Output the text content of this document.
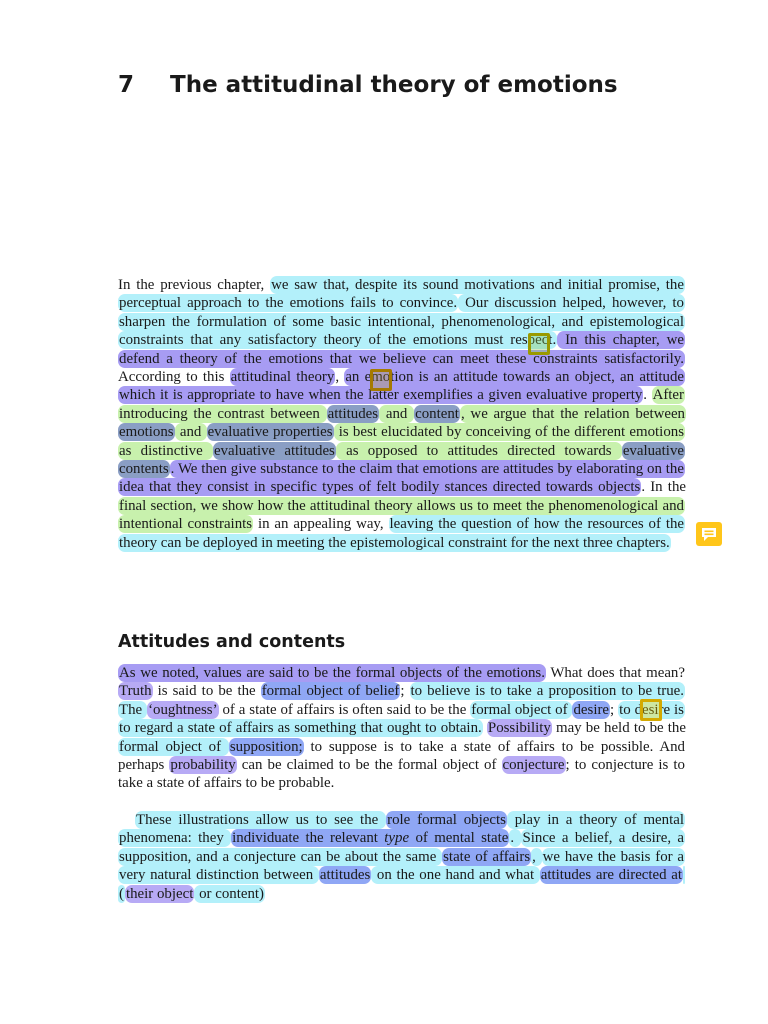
7 The attitudinal theory of emotions

In the previous chapter, we saw that, despite its sound motivations and initial promise, the perceptual approach to the emotions fails to convince. Our discussion helped, however, to sharpen the formulation of some basic intentional, phenomenological, and epistemological constraints that any satisfactory theory of the emotions must respect. In this chapter, we defend a theory of the emotions that we believe can meet these constraints satisfactorily. According to this attitudinal theory, an emotion is an attitude towards an object, an attitude which it is appropriate to have when the latter exemplifies a given evaluative property. After introducing the contrast between attitudes and content , we argue that the relation between emotions and evaluative properties is best elucidated by conceiving of the different emotions as distinctive evaluative attitudes as opposed to attitudes directed towards evaluative contents . We then give substance to the claim that emotions are attitudes by elaborating on the idea that they consist in specific types of felt bodily stances directed towards objects. In the final section, we show how the attitudinal theory allows us to meet the phenomenological and intentional constraints in an appealing way, leaving the question of how the resources of the theory can be deployed in meeting the epistemological constraint for the next three chapters.

Attitudes and contents

As we noted, values are said to be the formal objects of the emotions. What does that mean? Truth is said to be the formal object of belief; to believe is to take a proposition to be true. The ‘oughtness’ of a state of affairs is often said to be the formal object of desire; to desire is to regard a state of affairs as something that ought to obtain. Possibility may be held to be the formal object of supposition; to suppose is to take a state of affairs to be possible. And perhaps probability can be claimed to be the formal object of conjecture; to conjecture is to take a state of affairs to be probable.

These illustrations allow us to see the role formal objects play in a theory of mental phenomena: they individuate the relevant type of mental state . Since a belief, a desire, a supposition, and a conjecture can be about the same state of affairs , we have the basis for a very natural distinction between attitudes on the one hand and what attitudes are directed at ( their object or content)
